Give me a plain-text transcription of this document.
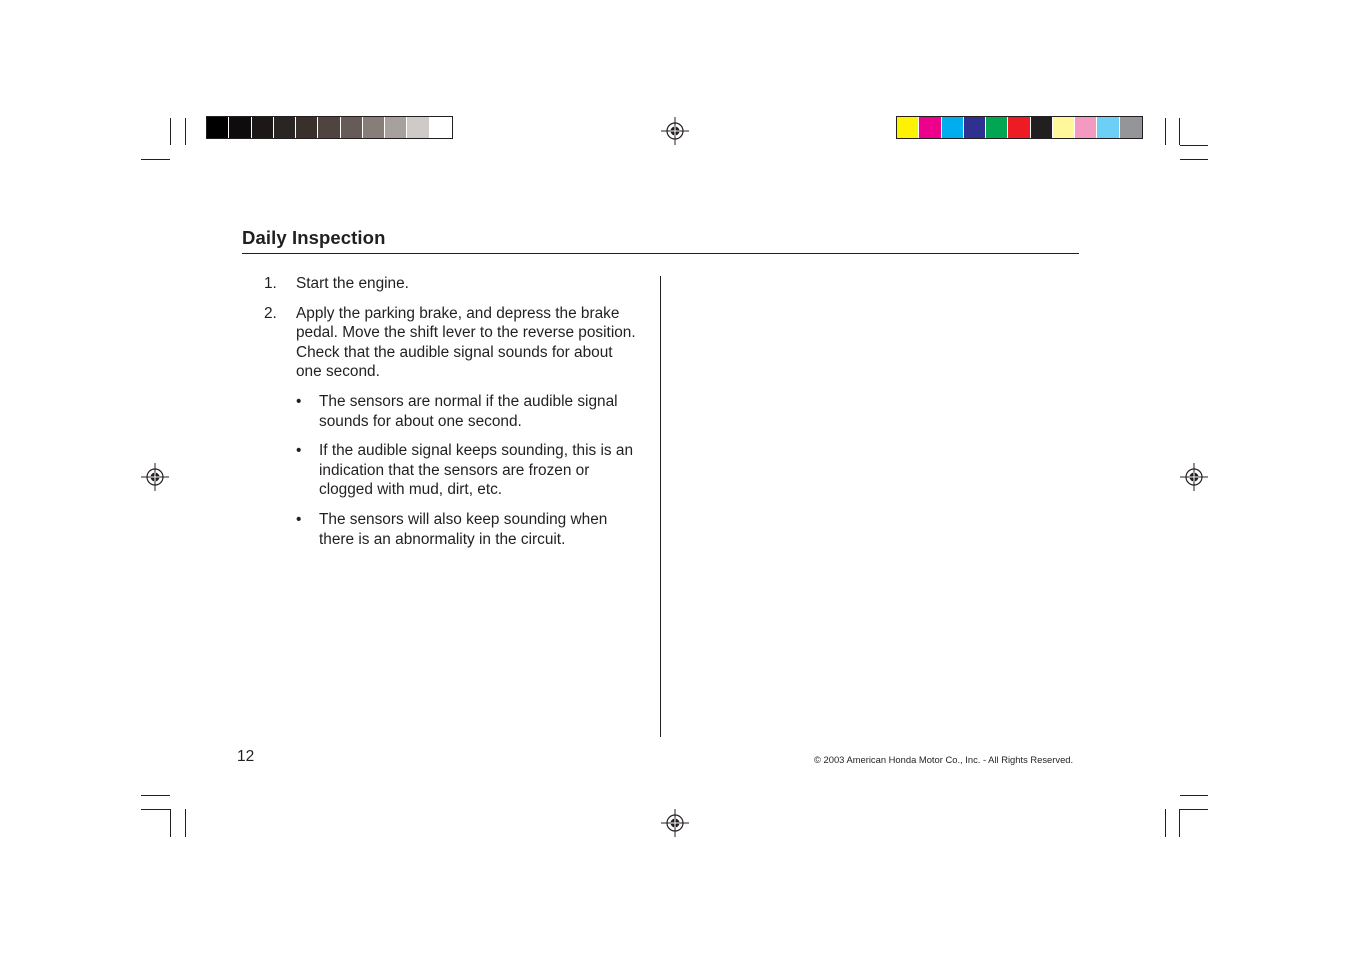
Daily Inspection
1. Start the engine.
2. Apply the parking brake, and depress the brake pedal. Move the shift lever to the reverse position. Check that the audible signal sounds for about one second.
• The sensors are normal if the audible signal sounds for about one second.
• If the audible signal keeps sounding, this is an indication that the sensors are frozen or clogged with mud, dirt, etc.
• The sensors will also keep sounding when there is an abnormality in the circuit.
12	© 2003 American Honda Motor Co., Inc. - All Rights Reserved.
